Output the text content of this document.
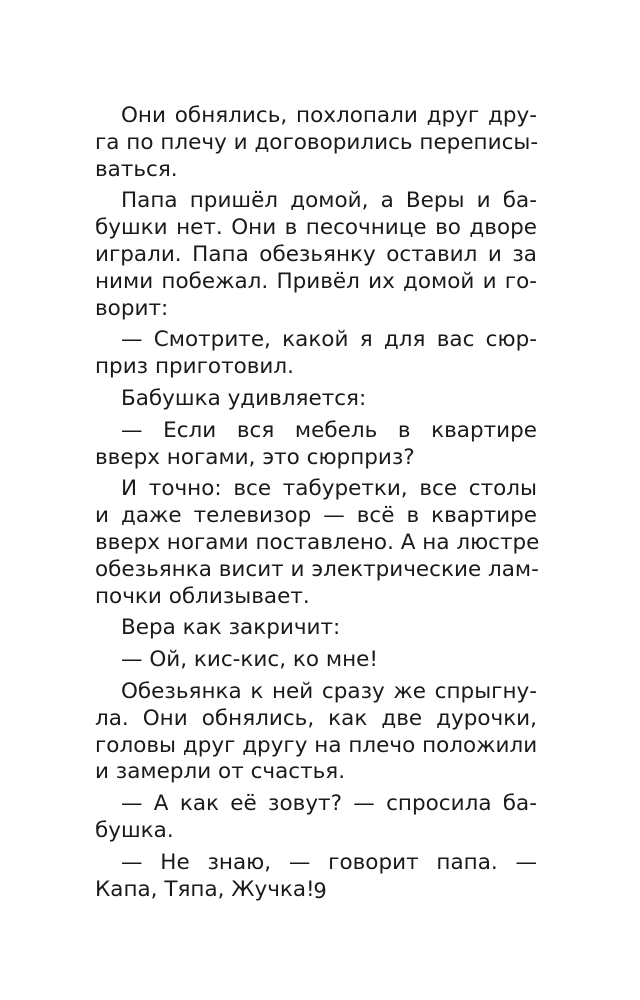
Они обнялись, похлопали друг дру-
га по плечу и договорились переписы-
ваться.

Папа пришёл домой, а Веры и ба-
бушки нет. Они в песочнице во дворе
играли. Папа обезьянку оставил и за
ними побежал. Привёл их домой и го-
ворит:

— Смотрите, какой я для вас сюр-
приз приготовил.

Бабушка удивляется:

— Если вся мебель в квартире
вверх ногами, это сюрприз?

И точно: все табуретки, все столы
и даже телевизор — всё в квартире
вверх ногами поставлено. А на люстре
обезьянка висит и электрические лам-
почки облизывает.

Вера как закричит:

— Ой, кис-кис, ко мне!

Обезьянка к ней сразу же спрыгну-
ла. Они обнялись, как две дурочки,
головы друг другу на плечо положили
и замерли от счастья.

— А как её зовут? — спросила ба-
бушка.

— Не знаю, — говорит папа. —
Капа, Тяпа, Жучка!

9
